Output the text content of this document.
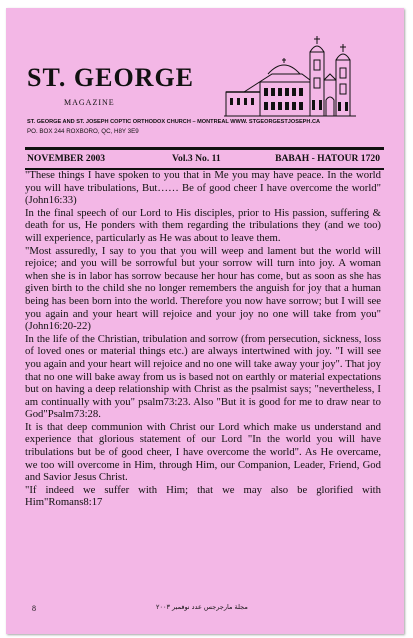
ST. GEORGE
MAGAZINE
ST. GEORGE AND ST. JOSEPH COPTIC ORTHODOX CHURCH – MONTREAL WWW. STGEORGESTJOSEPH.CA
PO. BOX 244 ROXBORO, QC, H8Y 3E9
NOVEMBER 2003	Vol.3 No. 11	BABAH - HATOUR 1720

"These things I have spoken to you that in Me you may have peace. In the world you will have tribulations, But…… Be of good cheer I have overcome the world"(John16:33)

In the final speech of our Lord to His disciples, prior to His passion, suffering & death for us, He ponders with them regarding the tribulations they (and we too) will experience, particularly as He was about to leave them.

"Most assuredly, I say to you that you will weep and lament but the world will rejoice; and you will be sorrowful but your sorrow will turn into joy. A woman when she is in labor has sorrow because her hour has come, but as soon as she has given birth to the child she no longer remembers the anguish for joy that a human being has been born into the world. Therefore you now have sorrow; but I will see you again and your heart will rejoice and your joy no one will take from you" (John16:20-22)

In the life of the Christian, tribulation and sorrow (from persecution, sickness, loss of loved ones or material things etc.) are always intertwined with joy. "I will see you again and your heart will rejoice and no one will take away your joy". That joy that no one will bake away from us is based not on earthly or material expectations but on having a deep relationship with Christ as the psalmist says; "nevertheless, I am continually with you" psalm73:23. Also "But it is good for me to draw near to God"Psalm73:28.

It is that deep communion with Christ our Lord which make us understand and experience that glorious statement of our Lord "In the world you will have tribulations but be of good cheer, I have overcome the world". As He overcame, we too will overcome in Him, through Him, our Companion, Leader, Friend, God and Savior Jesus Christ.

"If indeed we suffer with Him; that we may also be glorified with Him"Romans8:17

8	مجلة مارجرجس عدد نوفمبر ٢٠٠٣
